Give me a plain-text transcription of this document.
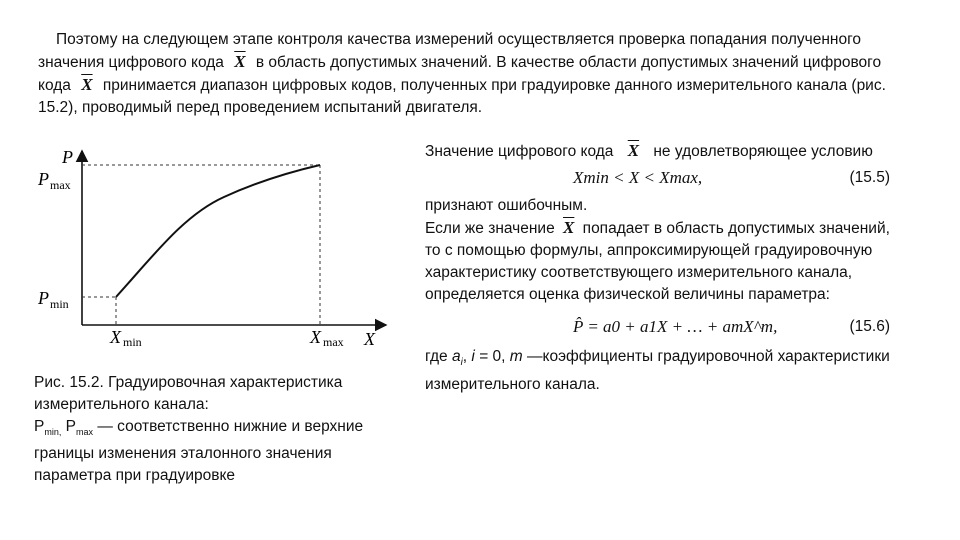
Поэтому на следующем этапе контроля качества измерений осуществляется проверка попадания полученного значения цифрового кода $\overline{X}$ в область допустимых значений. В качестве области допустимых значений цифрового кода $\overline{X}$ принимается диапазон цифровых кодов, полученных при градуировке данного измерительного канала (рис. 15.2), проводимый перед проведением испытаний двигателя.
P
P max
P min
X min	X max X
Рис. 15.2. Градуировочная характеристика измерительного канала:
$P_{min,}$ $P_{max}$ — соответственно нижние и верхние границы изменения эталонного значения параметра при градуировке
Значение цифрового кода $\overline{X}$ не удовлетворяющее условию
Xmin < X < Xmax,	(15.5)
признают ошибочным.
Если же значение $\overline{X}$ попадает в область допустимых значений, то с помощью формулы, аппроксимирующей градуировочную характеристику соответствующего измерительного канала, определяется оценка физической величины параметра:
P̂ = a0 + a1X + … + amX^m,	(15.6)
где $a_i$, i = 0, m —коэффициенты градуировочной характеристики измерительного канала.
